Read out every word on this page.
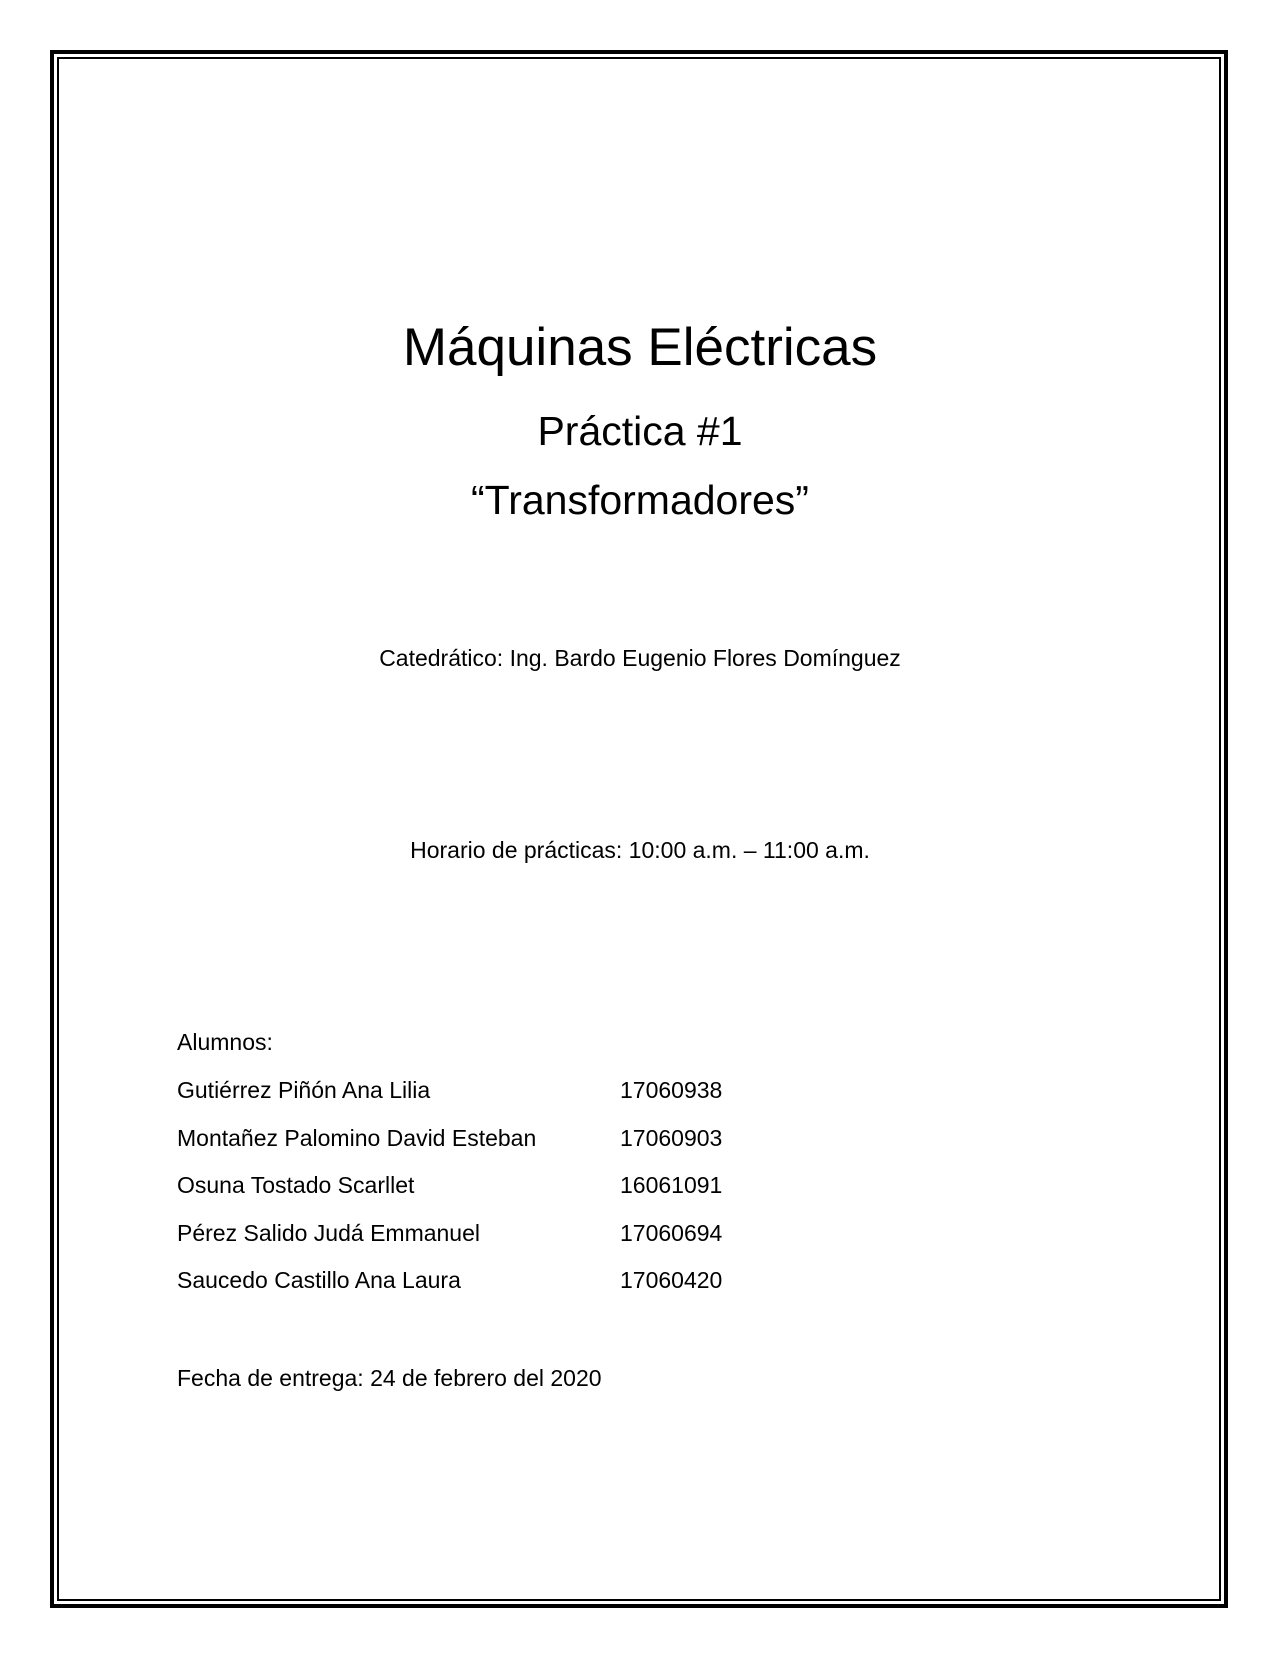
Máquinas Eléctricas
Práctica #1
“Transformadores”
Catedrático: Ing. Bardo Eugenio Flores Domínguez
Horario de prácticas: 10:00 a.m. – 11:00 a.m.
Alumnos:
Gutiérrez Piñón Ana Lilia	17060938
Montañez Palomino David Esteban	17060903
Osuna Tostado Scarllet	16061091
Pérez Salido Judá Emmanuel	17060694
Saucedo Castillo Ana Laura	17060420
Fecha de entrega: 24 de febrero del 2020
